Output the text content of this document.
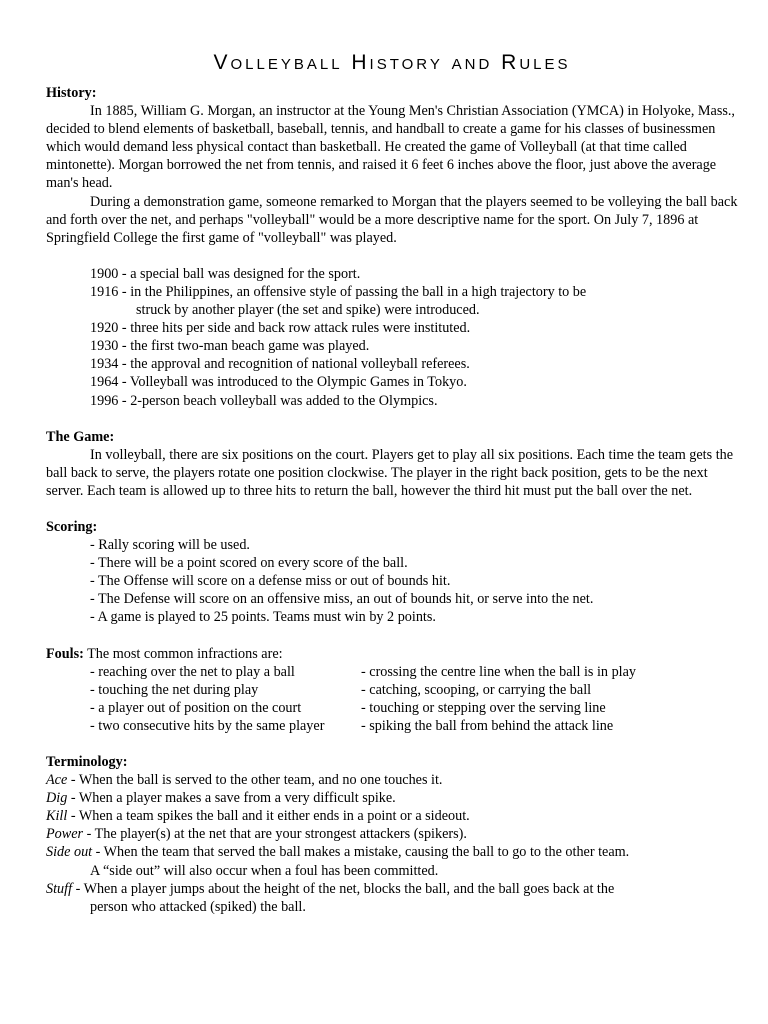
Volleyball History and Rules
History:

In 1885, William G. Morgan, an instructor at the Young Men's Christian Association (YMCA) in Holyoke, Mass., decided to blend elements of basketball, baseball, tennis, and handball to create a game for his classes of businessmen which would demand less physical contact than basketball. He created the game of Volleyball (at that time called mintonette). Morgan borrowed the net from tennis, and raised it 6 feet 6 inches above the floor, just above the average man's head.

During a demonstration game, someone remarked to Morgan that the players seemed to be volleying the ball back and forth over the net, and perhaps "volleyball" would be a more descriptive name for the sport. On July 7, 1896 at Springfield College the first game of "volleyball" was played.

1900 - a special ball was designed for the sport.
1916 - in the Philippines, an offensive style of passing the ball in a high trajectory to be
struck by another player (the set and spike) were introduced.
1920 - three hits per side and back row attack rules were instituted.
1930 - the first two-man beach game was played.
1934 - the approval and recognition of national volleyball referees.
1964 - Volleyball was introduced to the Olympic Games in Tokyo.
1996 - 2-person beach volleyball was added to the Olympics.
The Game:

In volleyball, there are six positions on the court. Players get to play all six positions. Each time the team gets the ball back to serve, the players rotate one position clockwise. The player in the right back position, gets to be the next server. Each team is allowed up to three hits to return the ball, however the third hit must put the ball over the net.

Scoring:
- Rally scoring will be used.
- There will be a point scored on every score of the ball.
- The Offense will score on a defense miss or out of bounds hit.
- The Defense will score on an offensive miss, an out of bounds hit, or serve into the net.
- A game is played to 25 points. Teams must win by 2 points.
Fouls: The most common infractions are:
- reaching over the net to play a ball	- crossing the centre line when the ball is in play
- touching the net during play	- catching, scooping, or carrying the ball
- a player out of position on the court	- touching or stepping over the serving line
- two consecutive hits by the same player	- spiking the ball from behind the attack line
Terminology:
Ace - When the ball is served to the other team, and no one touches it.
Dig - When a player makes a save from a very difficult spike.
Kill - When a team spikes the ball and it either ends in a point or a sideout.
Power - The player(s) at the net that are your strongest attackers (spikers).
Side out - When the team that served the ball makes a mistake, causing the ball to go to the other team.
A “side out” will also occur when a foul has been committed.
Stuff - When a player jumps about the height of the net, blocks the ball, and the ball goes back at the
person who attacked (spiked) the ball.
